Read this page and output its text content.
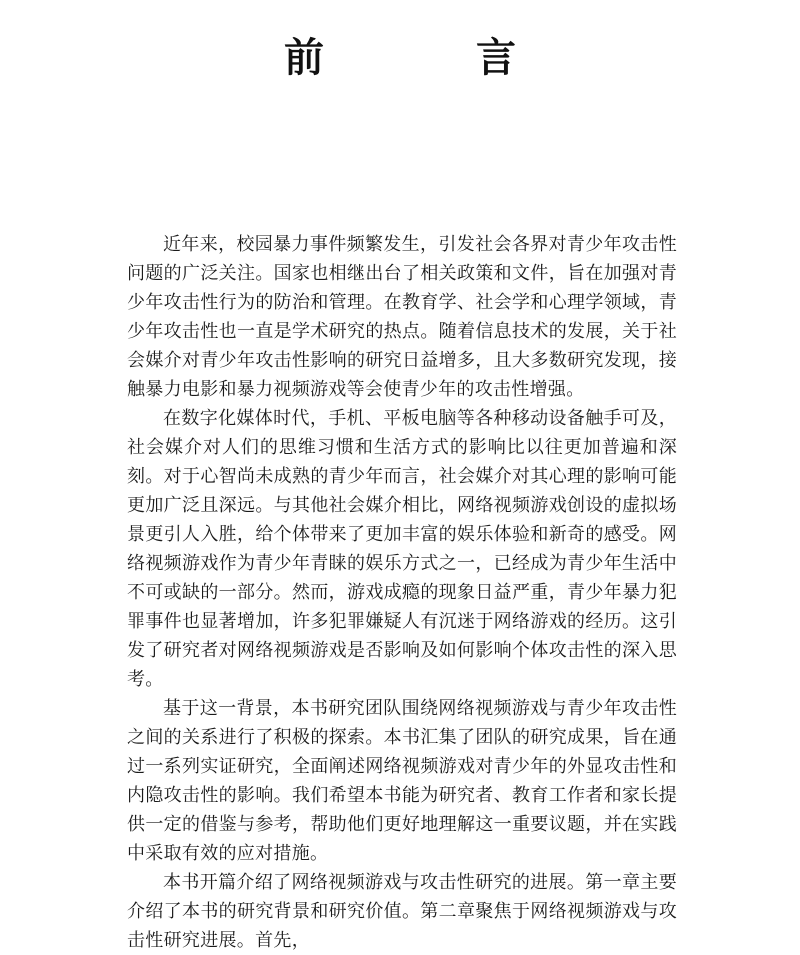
前　言

近年来，校园暴力事件频繁发生，引发社会各界对青少年攻击性问题的广泛关注。国家也相继出台了相关政策和文件，旨在加强对青少年攻击性行为的防治和管理。在教育学、社会学和心理学领域，青少年攻击性也一直是学术研究的热点。随着信息技术的发展，关于社会媒介对青少年攻击性影响的研究日益增多，且大多数研究发现，接触暴力电影和暴力视频游戏等会使青少年的攻击性增强。

在数字化媒体时代，手机、平板电脑等各种移动设备触手可及，社会媒介对人们的思维习惯和生活方式的影响比以往更加普遍和深刻。对于心智尚未成熟的青少年而言，社会媒介对其心理的影响可能更加广泛且深远。与其他社会媒介相比，网络视频游戏创设的虚拟场景更引人入胜，给个体带来了更加丰富的娱乐体验和新奇的感受。网络视频游戏作为青少年青睐的娱乐方式之一，已经成为青少年生活中不可或缺的一部分。然而，游戏成瘾的现象日益严重，青少年暴力犯罪事件也显著增加，许多犯罪嫌疑人有沉迷于网络游戏的经历。这引发了研究者对网络视频游戏是否影响及如何影响个体攻击性的深入思考。

基于这一背景，本书研究团队围绕网络视频游戏与青少年攻击性之间的关系进行了积极的探索。本书汇集了团队的研究成果，旨在通过一系列实证研究，全面阐述网络视频游戏对青少年的外显攻击性和内隐攻击性的影响。我们希望本书能为研究者、教育工作者和家长提供一定的借鉴与参考，帮助他们更好地理解这一重要议题，并在实践中采取有效的应对措施。

本书开篇介绍了网络视频游戏与攻击性研究的进展。第一章主要介绍了本书的研究背景和研究价值。第二章聚焦于网络视频游戏与攻击性研究进展。首先，
